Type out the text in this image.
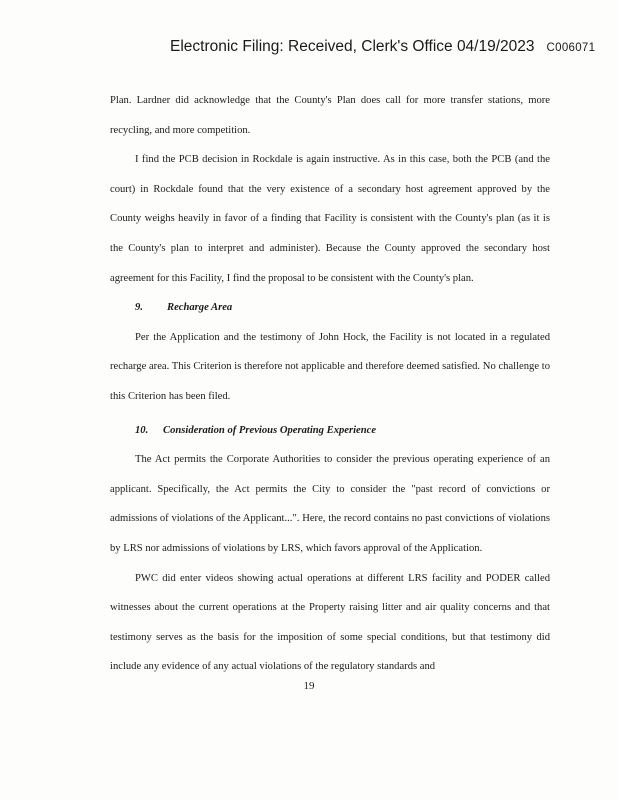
Electronic Filing: Received, Clerk's Office 04/19/2023 C006071

Plan. Lardner did acknowledge that the County's Plan does call for more transfer stations, more recycling, and more competition.

I find the PCB decision in Rockdale is again instructive. As in this case, both the PCB (and the court) in Rockdale found that the very existence of a secondary host agreement approved by the County weighs heavily in favor of a finding that Facility is consistent with the County's plan (as it is the County's plan to interpret and administer). Because the County approved the secondary host agreement for this Facility, I find the proposal to be consistent with the County's plan.

9. Recharge Area

Per the Application and the testimony of John Hock, the Facility is not located in a regulated recharge area. This Criterion is therefore not applicable and therefore deemed satisfied. No challenge to this Criterion has been filed.

10. Consideration of Previous Operating Experience

The Act permits the Corporate Authorities to consider the previous operating experience of an applicant. Specifically, the Act permits the City to consider the "past record of convictions or admissions of violations of the Applicant...". Here, the record contains no past convictions of violations by LRS nor admissions of violations by LRS, which favors approval of the Application.

PWC did enter videos showing actual operations at different LRS facility and PODER called witnesses about the current operations at the Property raising litter and air quality concerns and that testimony serves as the basis for the imposition of some special conditions, but that testimony did include any evidence of any actual violations of the regulatory standards and

19
